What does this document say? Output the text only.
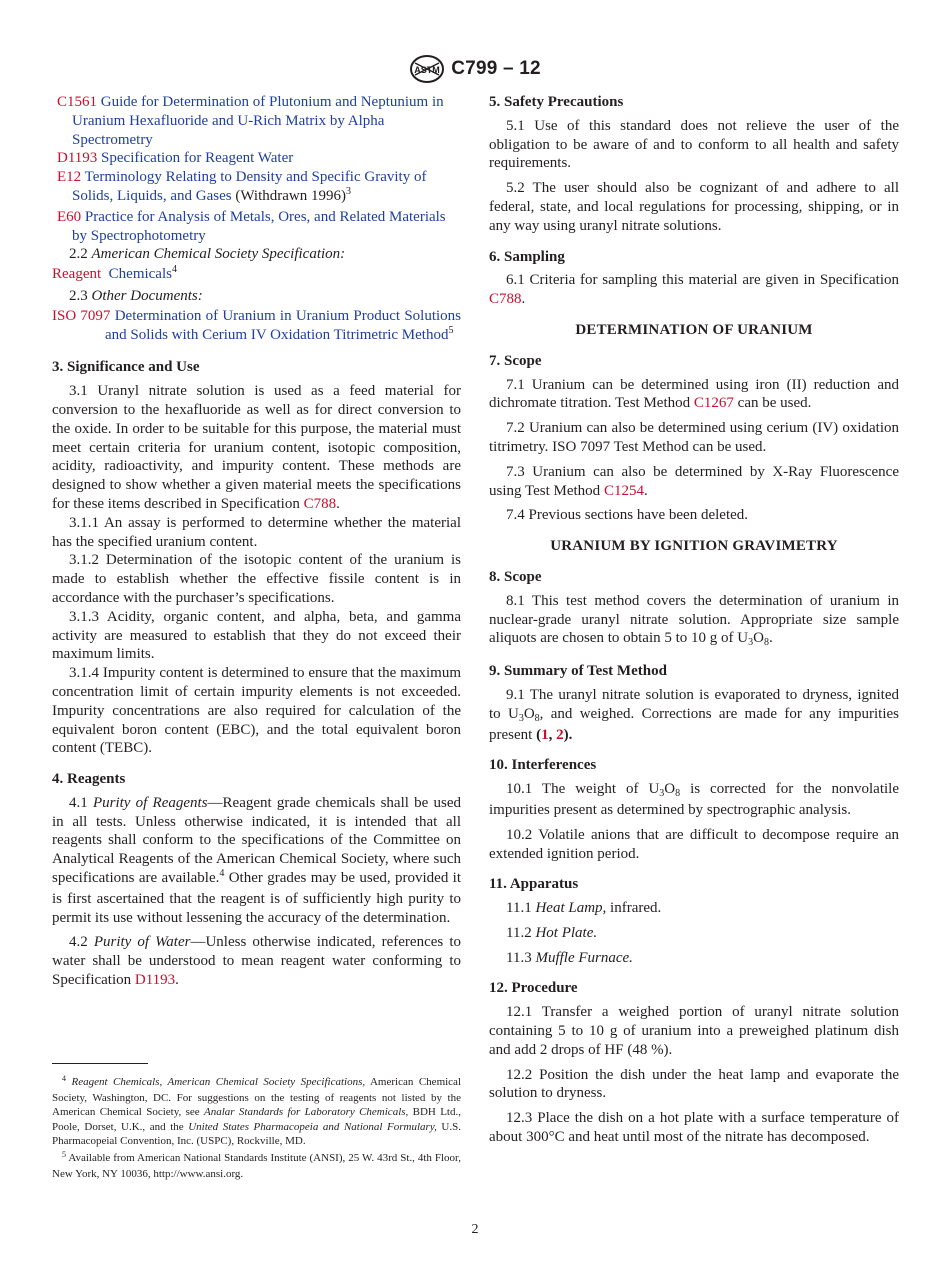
ASTM C799 – 12

C1561 Guide for Determination of Plutonium and Neptunium in Uranium Hexafluoride and U-Rich Matrix by Alpha Spectrometry

D1193 Specification for Reagent Water

E12 Terminology Relating to Density and Specific Gravity of Solids, Liquids, and Gases (Withdrawn 1996)$^3$

E60 Practice for Analysis of Metals, Ores, and Related Materials by Spectrophotometry

2.2 American Chemical Society Specification:

Reagent Chemicals$^4$

2.3 Other Documents:

ISO 7097 Determination of Uranium in Uranium Product Solutions and Solids with Cerium IV Oxidation Titrimetric Method$^5$

3. Significance and Use

3.1 Uranyl nitrate solution is used as a feed material for conversion to the hexafluoride as well as for direct conversion to the oxide. In order to be suitable for this purpose, the material must meet certain criteria for uranium content, isotopic composition, acidity, radioactivity, and impurity content. These methods are designed to show whether a given material meets the specifications for these items described in Specification C788.

3.1.1 An assay is performed to determine whether the material has the specified uranium content.

3.1.2 Determination of the isotopic content of the uranium is made to establish whether the effective fissile content is in accordance with the purchaser’s specifications.

3.1.3 Acidity, organic content, and alpha, beta, and gamma activity are measured to establish that they do not exceed their maximum limits.

3.1.4 Impurity content is determined to ensure that the maximum concentration limit of certain impurity elements is not exceeded. Impurity concentrations are also required for calculation of the equivalent boron content (EBC), and the total equivalent boron content (TEBC).

4. Reagents

4.1 Purity of Reagents—Reagent grade chemicals shall be used in all tests. Unless otherwise indicated, it is intended that all reagents shall conform to the specifications of the Committee on Analytical Reagents of the American Chemical Society, where such specifications are available.$^4$ Other grades may be used, provided it is first ascertained that the reagent is of sufficiently high purity to permit its use without lessening the accuracy of the determination.

4.2 Purity of Water—Unless otherwise indicated, references to water shall be understood to mean reagent water conforming to Specification D1193.

$^4$ Reagent Chemicals, American Chemical Society Specifications, American Chemical Society, Washington, DC. For suggestions on the testing of reagents not listed by the American Chemical Society, see Analar Standards for Laboratory Chemicals, BDH Ltd., Poole, Dorset, U.K., and the United States Pharmacopeia and National Formulary, U.S. Pharmacopeial Convention, Inc. (USPC), Rockville, MD.

$^5$ Available from American National Standards Institute (ANSI), 25 W. 43rd St., 4th Floor, New York, NY 10036, http://www.ansi.org.

5. Safety Precautions

5.1 Use of this standard does not relieve the user of the obligation to be aware of and to conform to all health and safety requirements.

5.2 The user should also be cognizant of and adhere to all federal, state, and local regulations for processing, shipping, or in any way using uranyl nitrate solutions.

6. Sampling

6.1 Criteria for sampling this material are given in Specification C788.

DETERMINATION OF URANIUM
7. Scope

7.1 Uranium can be determined using iron (II) reduction and dichromate titration. Test Method C1267 can be used.

7.2 Uranium can also be determined using cerium (IV) oxidation titrimetry. ISO 7097 Test Method can be used.

7.3 Uranium can also be determined by X-Ray Fluorescence using Test Method C1254.

7.4 Previous sections have been deleted.

URANIUM BY IGNITION GRAVIMETRY
8. Scope

8.1 This test method covers the determination of uranium in nuclear-grade uranyl nitrate solution. Appropriate size sample aliquots are chosen to obtain 5 to 10 g of $U_3O_8$.

9. Summary of Test Method

9.1 The uranyl nitrate solution is evaporated to dryness, ignited to $U_3O_8$, and weighed. Corrections are made for any impurities present (1, 2).

10. Interferences

10.1 The weight of $U_3O_8$ is corrected for the nonvolatile impurities present as determined by spectrographic analysis.

10.2 Volatile anions that are difficult to decompose require an extended ignition period.

11. Apparatus

11.1 Heat Lamp, infrared.

11.2 Hot Plate.

11.3 Muffle Furnace.

12. Procedure

12.1 Transfer a weighed portion of uranyl nitrate solution containing 5 to 10 g of uranium into a preweighed platinum dish and add 2 drops of HF (48 %).

12.2 Position the dish under the heat lamp and evaporate the solution to dryness.

12.3 Place the dish on a hot plate with a surface temperature of about 300°C and heat until most of the nitrate has decomposed.

2
